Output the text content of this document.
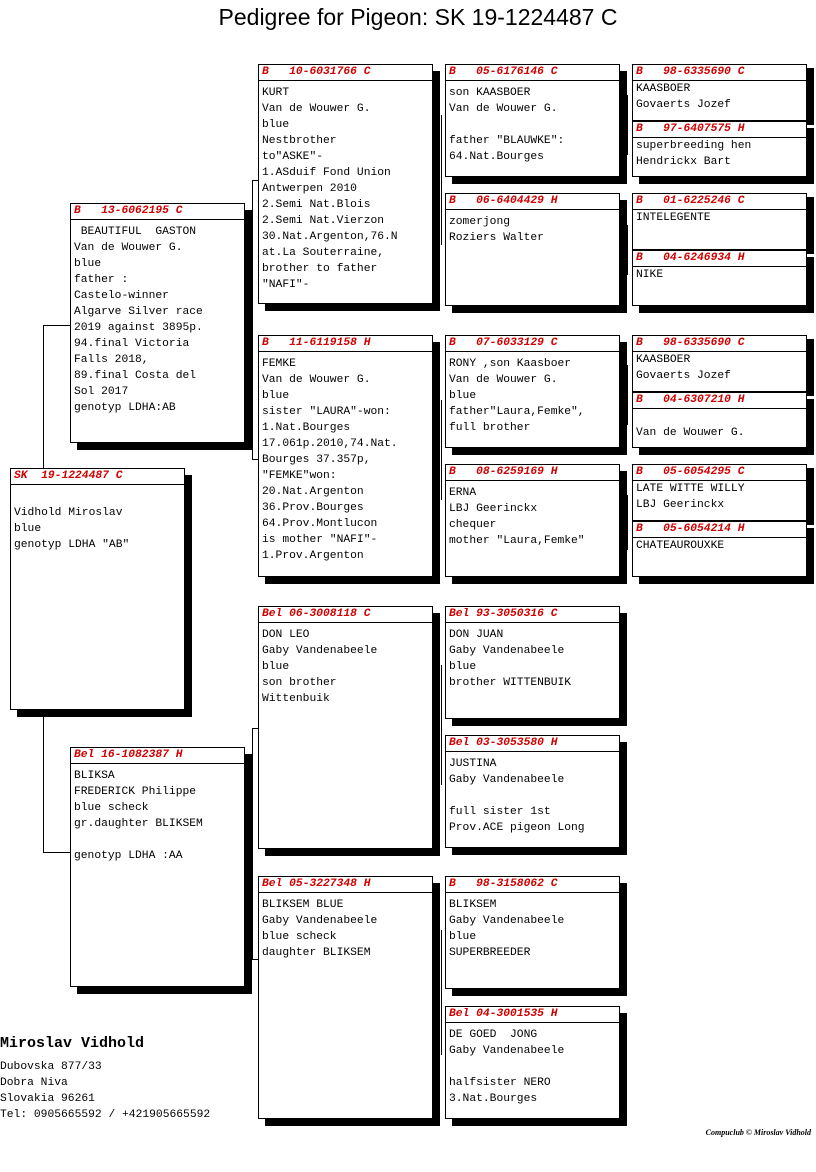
Pedigree for Pigeon: SK 19-1224487 C
SK  19-1224487 C

Vidhold Miroslav
blue
genotyp LDHA "AB"
B   13-6062195 C
BEAUTIFUL  GASTON
Van de Wouwer G.
blue
father :
Castelo-winner
Algarve Silver race
2019 against 3895p.
94.final Victoria
Falls 2018,
89.final Costa del
Sol 2017
genotyp LDHA:AB
Bel 16-1082387 H
BLIKSA
FREDERICK Philippe
blue scheck
gr.daughter BLIKSEM

genotyp LDHA :AA
B   10-6031766 C
KURT
Van de Wouwer G.
blue
Nestbrother
to"ASKE"-
1.ASduif Fond Union
Antwerpen 2010
2.Semi Nat.Blois
2.Semi Nat.Vierzon
30.Nat.Argenton,76.N
at.La Souterraine,
brother to father
"NAFI"-
B   11-6119158 H
FEMKE
Van de Wouwer G.
blue
sister "LAURA"-won:
1.Nat.Bourges
17.061p.2010,74.Nat.
Bourges 37.357p,
"FEMKE"won:
20.Nat.Argenton
36.Prov.Bourges
64.Prov.Montlucon
is mother "NAFI"-
1.Prov.Argenton
Bel 06-3008118 C
DON LEO
Gaby Vandenabeele
blue
son brother
Wittenbuik
Bel 05-3227348 H
BLIKSEM BLUE
Gaby Vandenabeele
blue scheck
daughter BLIKSEM
B   05-6176146 C
son KAASBOER
Van de Wouwer G.

father "BLAUWKE":
64.Nat.Bourges
B   06-6404429 H
zomerjong
Roziers Walter
B   07-6033129 C
RONY ,son Kaasboer
Van de Wouwer G.
blue
father"Laura,Femke",
full brother
B   08-6259169 H
ERNA
LBJ Geerinckx
chequer
mother "Laura,Femke"
Bel 93-3050316 C
DON JUAN
Gaby Vandenabeele
blue
brother WITTENBUIK
Bel 03-3053580 H
JUSTINA
Gaby Vandenabeele

full sister 1st
Prov.ACE pigeon Long
B   98-3158062 C
BLIKSEM
Gaby Vandenabeele
blue
SUPERBREEDER
Bel 04-3001535 H
DE GOED  JONG
Gaby Vandenabeele

halfsister NERO
3.Nat.Bourges
B   98-6335690 C
KAASBOER
Govaerts Jozef
B   97-6407575 H
superbreeding hen
Hendrickx Bart
B   01-6225246 C
INTELEGENTE
B   04-6246934 H
NIKE
B   98-6335690 C
KAASBOER
Govaerts Jozef
B   04-6307210 H

Van de Wouwer G.
B   05-6054295 C
LATE WITTE WILLY
LBJ Geerinckx
B   05-6054214 H
CHATEAUROUXKE
Miroslav Vidhold
Dubovska 877/33
Dobra Niva
Slovakia 96261
Tel: 0905665592 / +421905665592
Compuclub © Miroslav Vidhold
